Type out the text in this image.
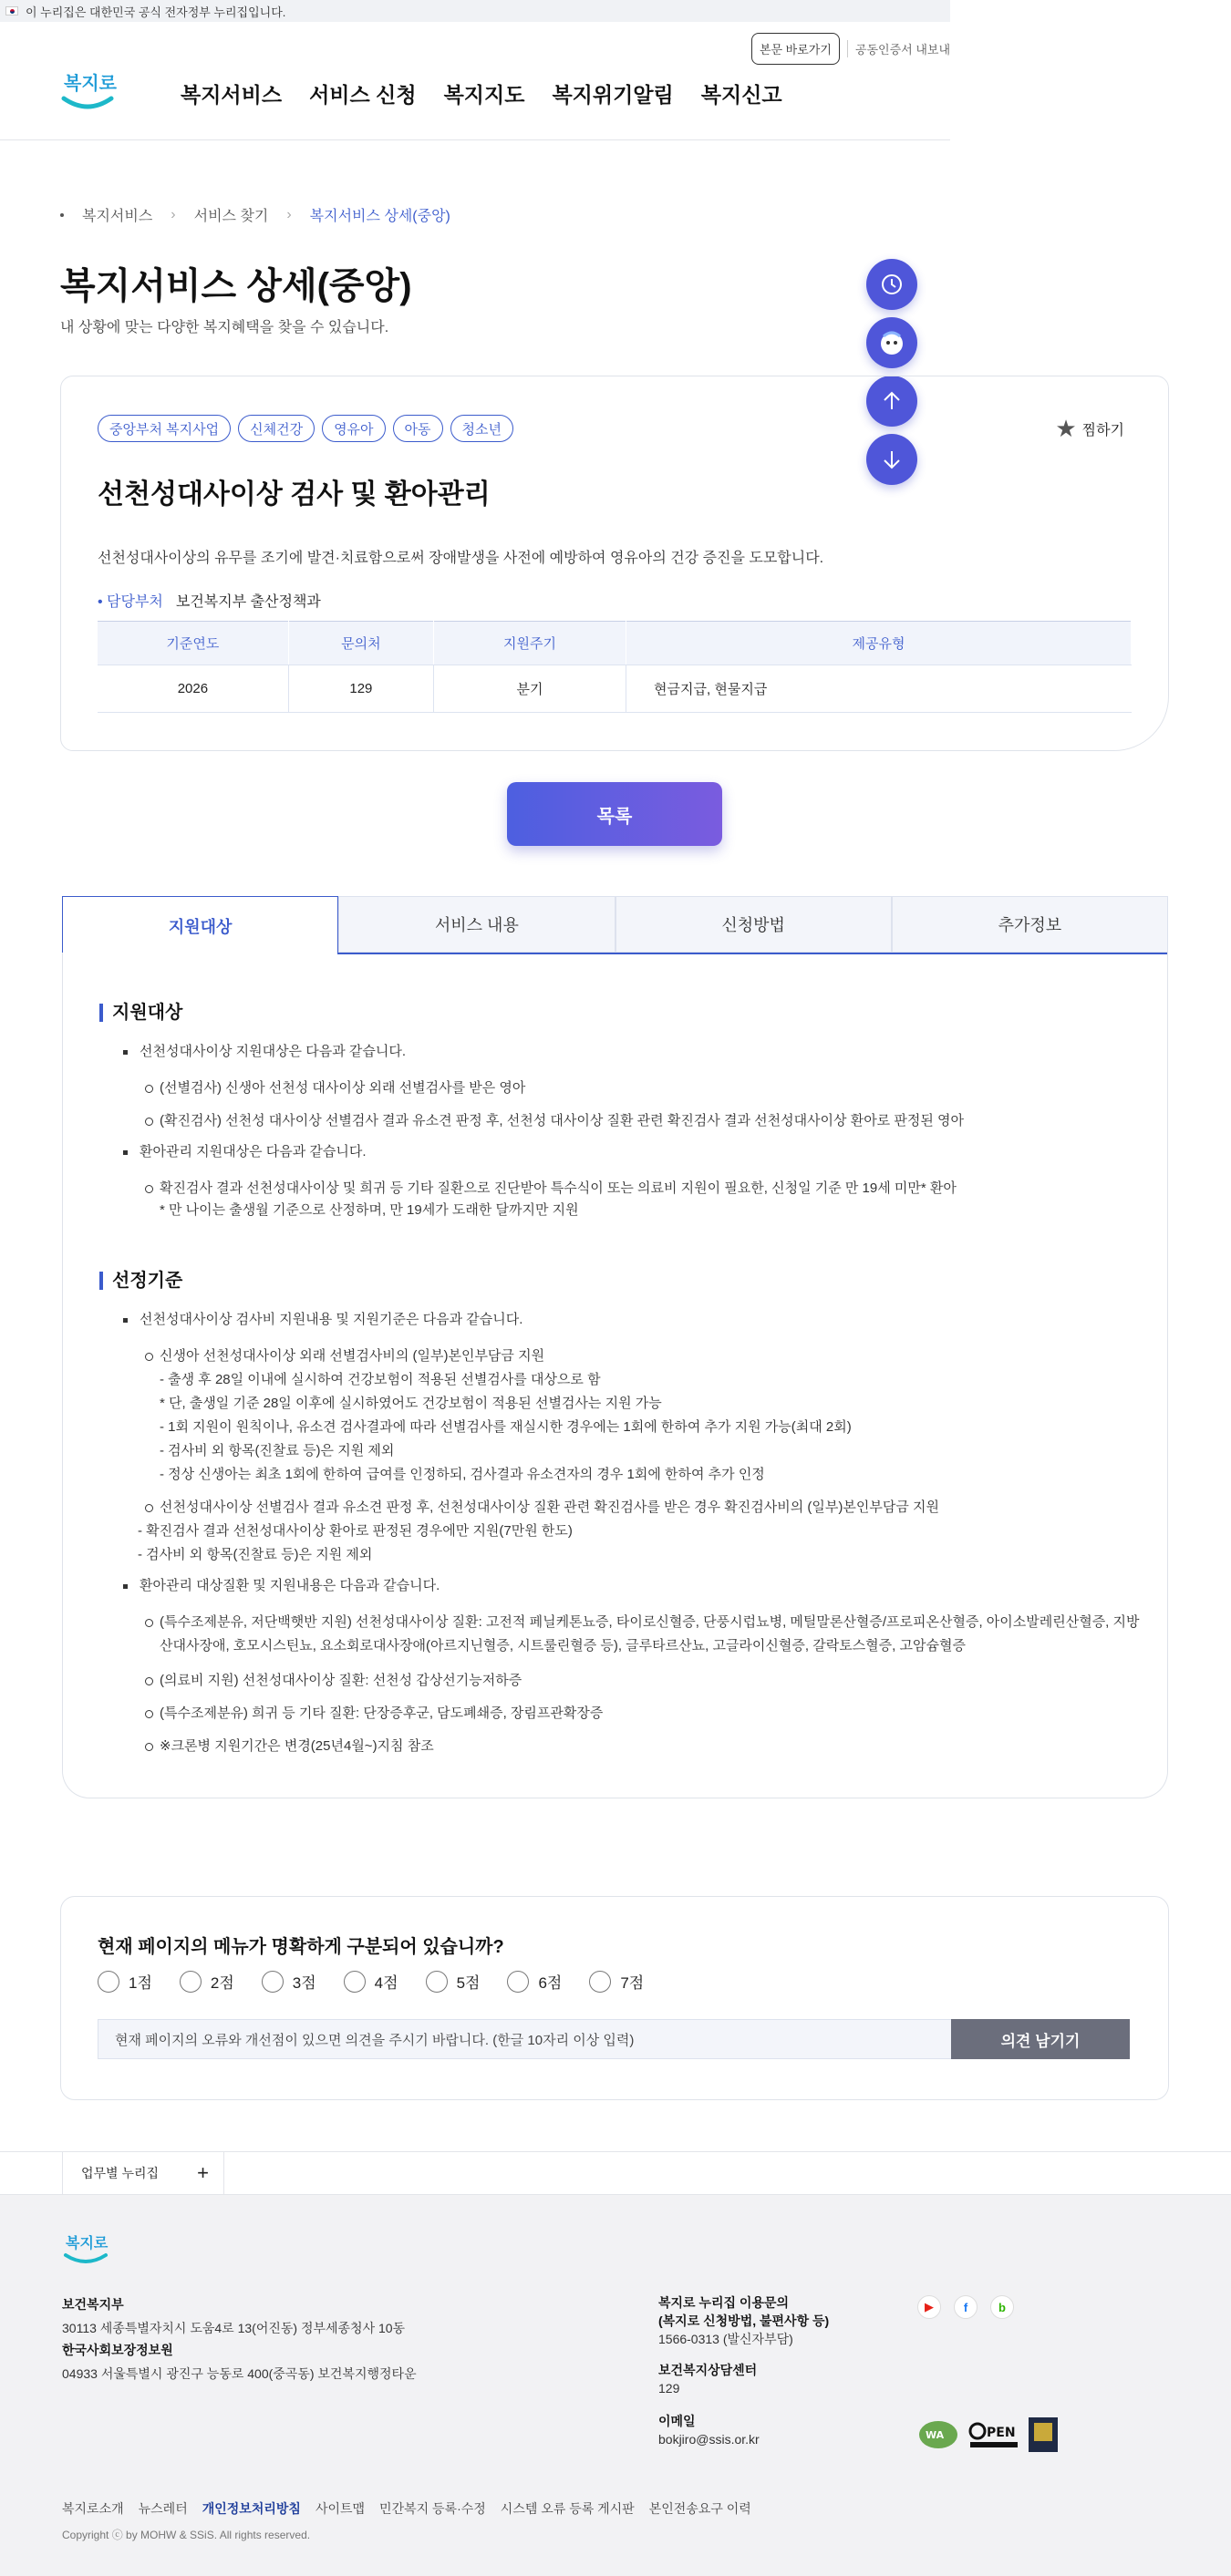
이 누리집은 대한민국 공식 전자정부 누리집입니다.
본문 바로가기	공동인증서 내보내
복지로	복지서비스 서비스 신청 복지지도 복지위기알림 복지신고
복지서비스 › 서비스 찾기 › 복지서비스 상세(중앙)
복지서비스 상세(중앙)

내 상황에 맞는 다양한 복지혜택을 찾을 수 있습니다.

중앙부처 복지사업	신체건강	영유아	아동	청소년	★ 찜하기
선천성대사이상 검사 및 환아관리

선천성대사이상의 유무를 조기에 발견·치료함으로써 장애발생을 사전에 예방하여 영유아의 건강 증진을 도모합니다.

• 담당부처 보건복지부 출산정책과
기준연도	문의처	지원주기	제공유형
2026	129	분기	현금지급, 현물지급
목록
지원대상	서비스 내용	신청방법	추가정보
지원대상

선천성대사이상 지원대상은 다음과 같습니다.

(선별검사) 신생아 선천성 대사이상 외래 선별검사를 받은 영아

(확진검사) 선천성 대사이상 선별검사 결과 유소견 판정 후, 선천성 대사이상 질환 관련 확진검사 결과 선천성대사이상 환아로 판정된 영아

환아관리 지원대상은 다음과 같습니다.

확진검사 결과 선천성대사이상 및 희귀 등 기타 질환으로 진단받아 특수식이 또는 의료비 지원이 필요한, 신청일 기준 만 19세 미만* 환아

* 만 나이는 출생월 기준으로 산정하며, 만 19세가 도래한 달까지만 지원

선정기준

선천성대사이상 검사비 지원내용 및 지원기준은 다음과 같습니다.

신생아 선천성대사이상 외래 선별검사비의 (일부)본인부담금 지원

- 출생 후 28일 이내에 실시하여 건강보험이 적용된 선별검사를 대상으로 함

* 단, 출생일 기준 28일 이후에 실시하였어도 건강보험이 적용된 선별검사는 지원 가능

- 1회 지원이 원칙이나, 유소견 검사결과에 따라 선별검사를 재실시한 경우에는 1회에 한하여 추가 지원 가능(최대 2회)

- 검사비 외 항목(진찰료 등)은 지원 제외

- 정상 신생아는 최초 1회에 한하여 급여를 인정하되, 검사결과 유소견자의 경우 1회에 한하여 추가 인정

선천성대사이상 선별검사 결과 유소견 판정 후, 선천성대사이상 질환 관련 확진검사를 받은 경우 확진검사비의 (일부)본인부담금 지원

- 확진검사 결과 선천성대사이상 환아로 판정된 경우에만 지원(7만원 한도)

- 검사비 외 항목(진찰료 등)은 지원 제외

환아관리 대상질환 및 지원내용은 다음과 같습니다.

(특수조제분유, 저단백햇반 지원) 선천성대사이상 질환: 고전적 페닐케톤뇨증, 타이로신혈증, 단풍시럽뇨병, 메틸말론산혈증/프로피온산혈증, 아이소발레린산혈증, 지방산대사장애, 호모시스틴뇨, 요소회로대사장애(아르지닌혈증, 시트룰린혈증 등), 글루타르산뇨, 고글라이신혈증, 갈락토스혈증, 고암슘혈증

(의료비 지원) 선천성대사이상 질환: 선천성 갑상선기능저하증

(특수조제분유) 희귀 등 기타 질환: 단장증후군, 담도폐쇄증, 장림프관확장증

※크론병 지원기간은 변경(25년4월~)지침 참조

현재 페이지의 메뉴가 명확하게 구분되어 있습니까?

1점	2점	3점	4점	5점	6점	7점
현재 페이지의 오류와 개선점이 있으면 의견을 주시기 바랍니다. (한글 10자리 이상 입력)	의견 남기기
업무별 누리집 +
복지로
보건복지부
30113 세종특별자치시 도움4로 13(어진동) 정부세종청사 10동
한국사회보장정보원
04933 서울특별시 광진구 능동로 400(중곡동) 보건복지행정타운
복지로 누리집 이용문의
(복지로 신청방법, 불편사항 등)
1566-0313 (발신자부담)
보건복지상담센터
129
이메일
bokjiro@ssis.or.kr
▶	f	b
WA	PEN
복지로소개 뉴스레터 개인정보처리방침 사이트맵 민간복지 등록·수정 시스템 오류 등록 게시판 본인전송요구 이력

Copyright ⓒ by MOHW & SSiS. All rights reserved.
